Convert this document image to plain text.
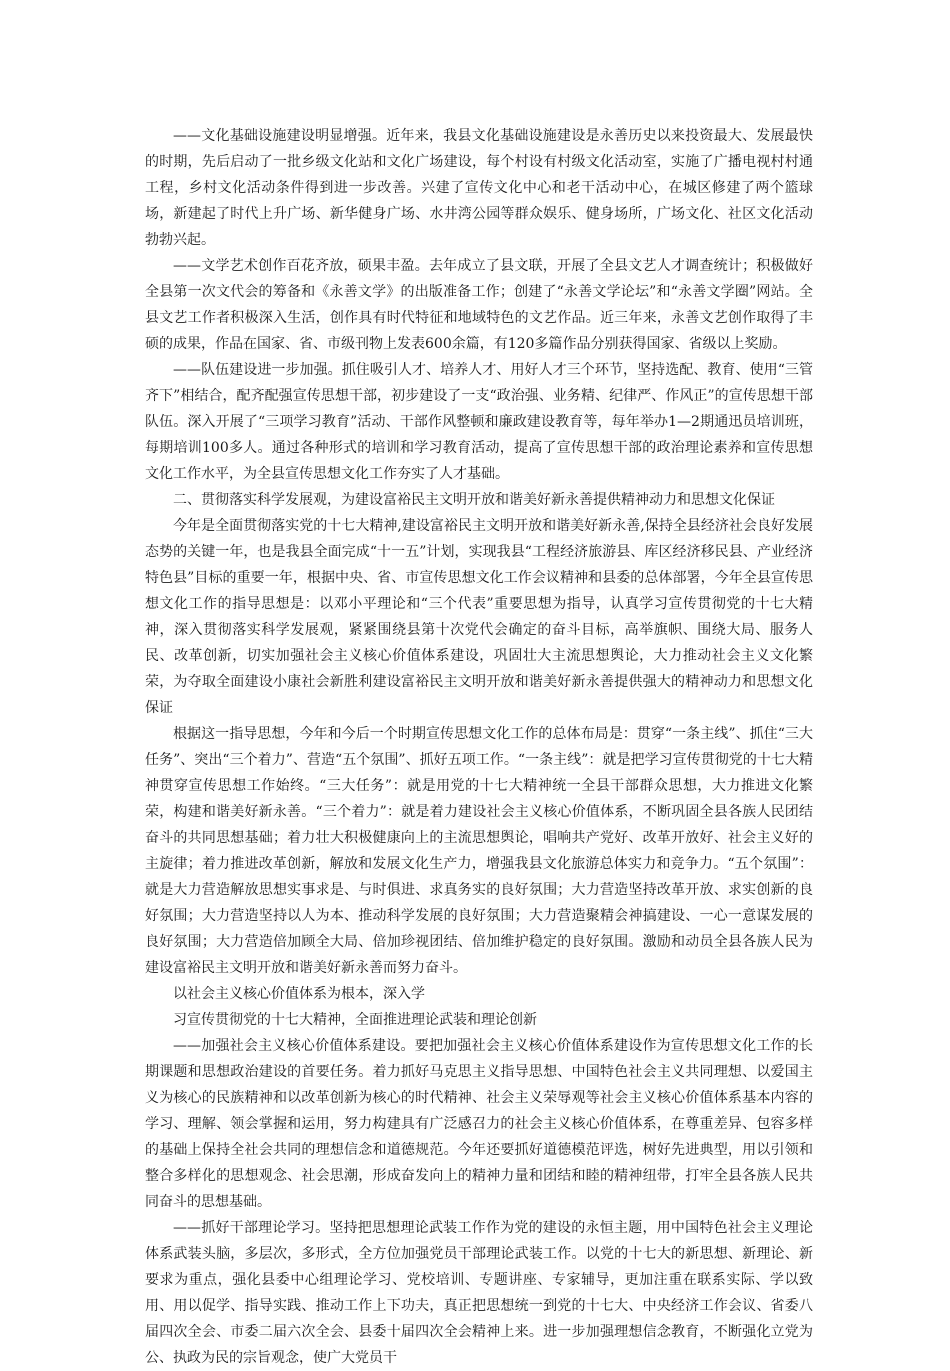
——文化基础设施建设明显增强。近年来，我县文化基础设施建设是永善历史以来投资最大、发展最快的时期，先后启动了一批乡级文化站和文化广场建设，每个村设有村级文化活动室，实施了广播电视村村通工程，乡村文化活动条件得到进一步改善。兴建了宣传文化中心和老干活动中心，在城区修建了两个篮球场，新建起了时代上升广场、新华健身广场、水井湾公园等群众娱乐、健身场所，广场文化、社区文化活动勃勃兴起。

——文学艺术创作百花齐放，硕果丰盈。去年成立了县文联，开展了全县文艺人才调查统计；积极做好全县第一次文代会的筹备和《永善文学》的出版准备工作；创建了“永善文学论坛”和“永善文学圈”网站。全县文艺工作者积极深入生活，创作具有时代特征和地域特色的文艺作品。近三年来，永善文艺创作取得了丰硕的成果，作品在国家、省、市级刊物上发表600余篇，有120多篇作品分别获得国家、省级以上奖励。

——队伍建设进一步加强。抓住吸引人才、培养人才、用好人才三个环节，坚持选配、教育、使用“三管齐下”相结合，配齐配强宣传思想干部，初步建设了一支“政治强、业务精、纪律严、作风正”的宣传思想干部队伍。深入开展了“三项学习教育”活动、干部作风整顿和廉政建设教育等，每年举办1—2期通迅员培训班，每期培训100多人。通过各种形式的培训和学习教育活动，提高了宣传思想干部的政治理论素养和宣传思想文化工作水平，为全县宣传思想文化工作夯实了人才基础。

二、贯彻落实科学发展观，为建设富裕民主文明开放和谐美好新永善提供精神动力和思想文化保证

今年是全面贯彻落实党的十七大精神,建设富裕民主文明开放和谐美好新永善,保持全县经济社会良好发展态势的关键一年，也是我县全面完成“十一五”计划，实现我县“工程经济旅游县、库区经济移民县、产业经济特色县”目标的重要一年，根据中央、省、市宣传思想文化工作会议精神和县委的总体部署，今年全县宣传思想文化工作的指导思想是：以邓小平理论和“三个代表”重要思想为指导，认真学习宣传贯彻党的十七大精神，深入贯彻落实科学发展观，紧紧围绕县第十次党代会确定的奋斗目标，高举旗帜、围绕大局、服务人民、改革创新，切实加强社会主义核心价值体系建设，巩固壮大主流思想舆论，大力推动社会主义文化繁荣，为夺取全面建设小康社会新胜利建设富裕民主文明开放和谐美好新永善提供强大的精神动力和思想文化保证

根据这一指导思想，今年和今后一个时期宣传思想文化工作的总体布局是：贯穿“一条主线”、抓住“三大任务”、突出“三个着力”、营造“五个氛围”、抓好五项工作。“一条主线”：就是把学习宣传贯彻党的十七大精神贯穿宣传思想工作始终。“三大任务”：就是用党的十七大精神统一全县干部群众思想，大力推进文化繁荣，构建和谐美好新永善。“三个着力”：就是着力建设社会主义核心价值体系，不断巩固全县各族人民团结奋斗的共同思想基础；着力壮大积极健康向上的主流思想舆论，唱响共产党好、改革开放好、社会主义好的主旋律；着力推进改革创新，解放和发展文化生产力，增强我县文化旅游总体实力和竞争力。“五个氛围”：就是大力营造解放思想实事求是、与时俱进、求真务实的良好氛围；大力营造坚持改革开放、求实创新的良好氛围；大力营造坚持以人为本、推动科学发展的良好氛围；大力营造聚精会神搞建设、一心一意谋发展的良好氛围；大力营造倍加顾全大局、倍加珍视团结、倍加维护稳定的良好氛围。激励和动员全县各族人民为建设富裕民主文明开放和谐美好新永善而努力奋斗。

以社会主义核心价值体系为根本，深入学

习宣传贯彻党的十七大精神，全面推进理论武装和理论创新

——加强社会主义核心价值体系建设。要把加强社会主义核心价值体系建设作为宣传思想文化工作的长期课题和思想政治建设的首要任务。着力抓好马克思主义指导思想、中国特色社会主义共同理想、以爱国主义为核心的民族精神和以改革创新为核心的时代精神、社会主义荣辱观等社会主义核心价值体系基本内容的学习、理解、领会掌握和运用，努力构建具有广泛感召力的社会主义核心价值体系，在尊重差异、包容多样的基础上保持全社会共同的理想信念和道德规范。今年还要抓好道德模范评选，树好先进典型，用以引领和整合多样化的思想观念、社会思潮，形成奋发向上的精神力量和团结和睦的精神纽带，打牢全县各族人民共同奋斗的思想基础。

——抓好干部理论学习。坚持把思想理论武装工作作为党的建设的永恒主题，用中国特色社会主义理论体系武装头脑，多层次，多形式，全方位加强党员干部理论武装工作。以党的十七大的新思想、新理论、新要求为重点，强化县委中心组理论学习、党校培训、专题讲座、专家辅导，更加注重在联系实际、学以致用、用以促学、指导实践、推动工作上下功夫，真正把思想统一到党的十七大、中央经济工作会议、省委八届四次全会、市委二届六次全会、县委十届四次全会精神上来。进一步加强理想信念教育，不断强化立党为公、执政为民的宗旨观念，使广大党员干
